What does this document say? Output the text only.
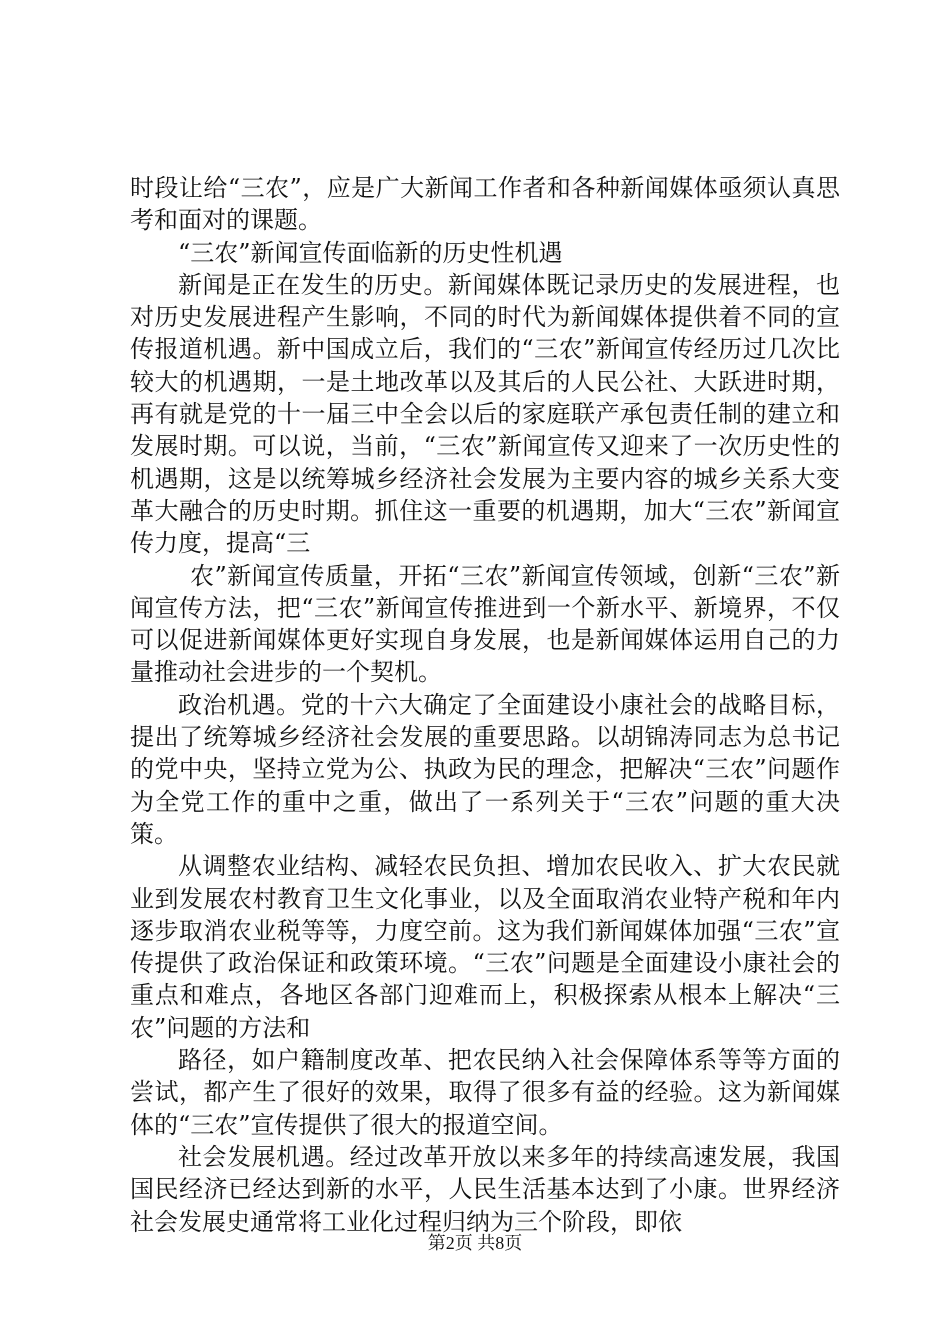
时段让给“三农”，应是广大新闻工作者和各种新闻媒体亟须认真思考和面对的课题。

“三农”新闻宣传面临新的历史性机遇

新闻是正在发生的历史。新闻媒体既记录历史的发展进程，也对历史发展进程产生影响，不同的时代为新闻媒体提供着不同的宣传报道机遇。新中国成立后，我们的“三农”新闻宣传经历过几次比较大的机遇期，一是土地改革以及其后的人民公社、大跃进时期，再有就是党的十一届三中全会以后的家庭联产承包责任制的建立和发展时期。可以说，当前，“三农”新闻宣传又迎来了一次历史性的机遇期，这是以统筹城乡经济社会发展为主要内容的城乡关系大变革大融合的历史时期。抓住这一重要的机遇期，加大“三农”新闻宣传力度，提高“三

农”新闻宣传质量，开拓“三农”新闻宣传领域，创新“三农”新闻宣传方法，把“三农”新闻宣传推进到一个新水平、新境界，不仅可以促进新闻媒体更好实现自身发展，也是新闻媒体运用自己的力量推动社会进步的一个契机。

政治机遇。党的十六大确定了全面建设小康社会的战略目标，提出了统筹城乡经济社会发展的重要思路。以胡锦涛同志为总书记的党中央，坚持立党为公、执政为民的理念，把解决“三农”问题作为全党工作的重中之重，做出了一系列关于“三农”问题的重大决策。

从调整农业结构、减轻农民负担、增加农民收入、扩大农民就业到发展农村教育卫生文化事业，以及全面取消农业特产税和年内逐步取消农业税等等，力度空前。这为我们新闻媒体加强“三农”宣传提供了政治保证和政策环境。“三农”问题是全面建设小康社会的重点和难点，各地区各部门迎难而上，积极探索从根本上解决“三农”问题的方法和

路径，如户籍制度改革、把农民纳入社会保障体系等等方面的尝试，都产生了很好的效果，取得了很多有益的经验。这为新闻媒体的“三农”宣传提供了很大的报道空间。

社会发展机遇。经过改革开放以来多年的持续高速发展，我国国民经济已经达到新的水平，人民生活基本达到了小康。世界经济社会发展史通常将工业化过程归纳为三个阶段，即依

第2页 共8页
